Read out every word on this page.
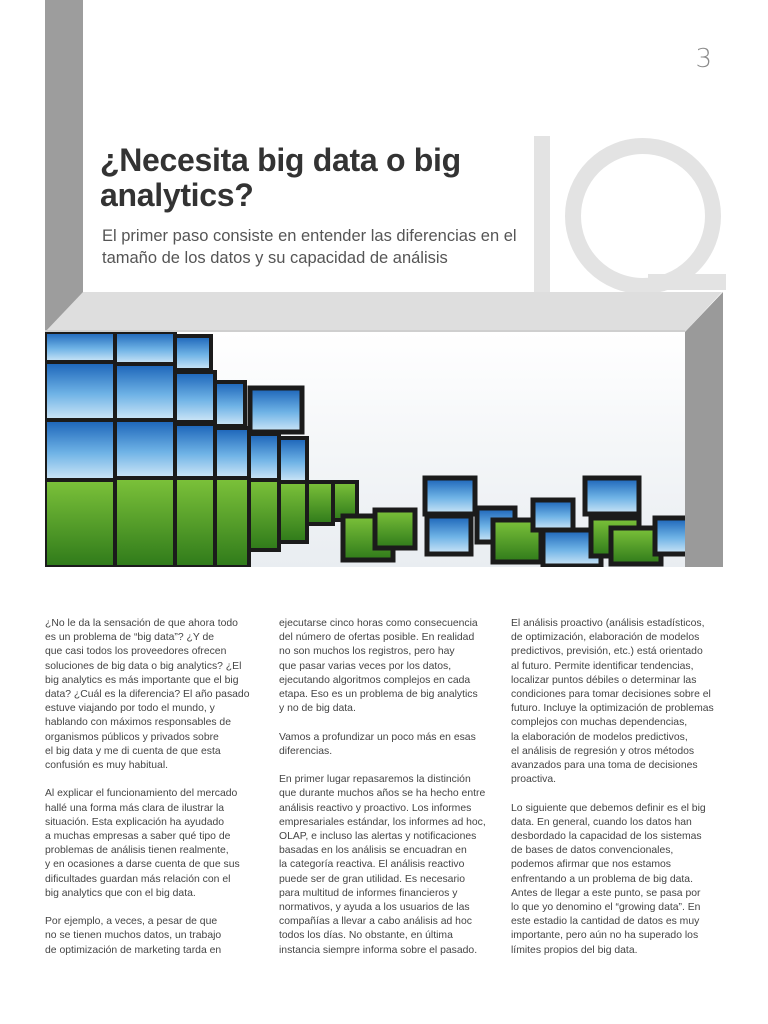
3
¿Necesita big data o big analytics?

El primer paso consiste en entender las diferencias en el tamaño de los datos y su capacidad de análisis

¿No le da la sensación de que ahora todo
es un problema de “big data”? ¿Y de
que casi todos los proveedores ofrecen
soluciones de big data o big analytics? ¿El
big analytics es más importante que el big
data? ¿Cuál es la diferencia? El año pasado
estuve viajando por todo el mundo, y
hablando con máximos responsables de
organismos públicos y privados sobre
el big data y me di cuenta de que esta
confusión es muy habitual.

Al explicar el funcionamiento del mercado
hallé una forma más clara de ilustrar la
situación. Esta explicación ha ayudado
a muchas empresas a saber qué tipo de
problemas de análisis tienen realmente,
y en ocasiones a darse cuenta de que sus
dificultades guardan más relación con el
big analytics que con el big data.

Por ejemplo, a veces, a pesar de que
no se tienen muchos datos, un trabajo
de optimización de marketing tarda en

ejecutarse cinco horas como consecuencia
del número de ofertas posible. En realidad
no son muchos los registros, pero hay
que pasar varias veces por los datos,
ejecutando algoritmos complejos en cada
etapa. Eso es un problema de big analytics
y no de big data.

Vamos a profundizar un poco más en esas
diferencias.

En primer lugar repasaremos la distinción
que durante muchos años se ha hecho entre
análisis reactivo y proactivo. Los informes
empresariales estándar, los informes ad hoc,
OLAP, e incluso las alertas y notificaciones
basadas en los análisis se encuadran en
la categoría reactiva. El análisis reactivo
puede ser de gran utilidad. Es necesario
para multitud de informes financieros y
normativos, y ayuda a los usuarios de las
compañías a llevar a cabo análisis ad hoc
todos los días. No obstante, en última
instancia siempre informa sobre el pasado.

El análisis proactivo (análisis estadísticos,
de optimización, elaboración de modelos
predictivos, previsión, etc.) está orientado
al futuro. Permite identificar tendencias,
localizar puntos débiles o determinar las
condiciones para tomar decisiones sobre el
futuro. Incluye la optimización de problemas
complejos con muchas dependencias,
la elaboración de modelos predictivos,
el análisis de regresión y otros métodos
avanzados para una toma de decisiones
proactiva.

Lo siguiente que debemos definir es el big
data. En general, cuando los datos han
desbordado la capacidad de los sistemas
de bases de datos convencionales,
podemos afirmar que nos estamos
enfrentando a un problema de big data.
Antes de llegar a este punto, se pasa por
lo que yo denomino el “growing data”. En
este estadio la cantidad de datos es muy
importante, pero aún no ha superado los
límites propios del big data.
